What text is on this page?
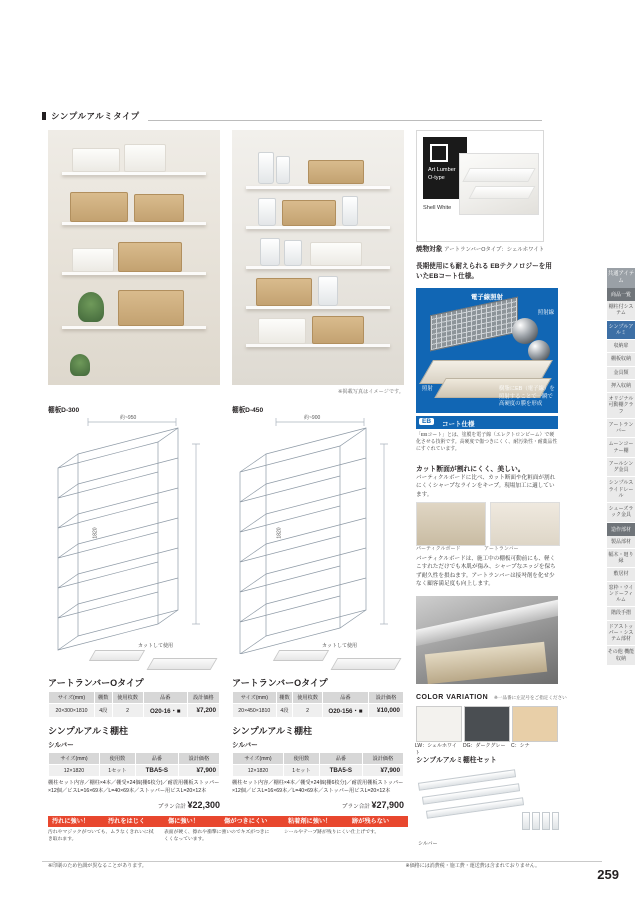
シンプルアルミタイプ
※掲載写真はイメージです。
Art Lumber
O-type
Shell White
焼物対象 アートランバーOタイプ：シェルホワイト
長期使用にも耐えられる EBテクノロジーを用いたEBコート仕様。
電子線照射
照射線
照射	樹脂にEB（電子線）を照射することで一瞬で高硬度の膜を形成
EB	コート仕様
「EBコート」とは、塗膜を電子線（エレクトロンビーム）で硬化させる技術です。高硬度で傷つきにくく、耐汚染性・耐薬品性にすぐれています。
カット断面が割れにくく、美しい。
パーティクルボードに比べ、カット断面や化粧面が割れにくくシャープなラインをキープ。現場加工に適しています。
パーティクルボード	アートランバー
パーティクルボードは、施工中の棚板可動前にも、軽くこすれただけでも木肌が傷み、シャープなエッジを保ちず耐久性を損ねます。アートランバーは接착剤を化せ少なく顧客満足度も向上します。
棚板D-300	棚板D-450
約~950
1820
約~900
1820
カットして使用	カットして使用
アートランバーOタイプ
サイズ(mm)	棚数	使用枚数	品番	設計価格
20×300×1810	4段	2	O20-16・■	¥7,200
シンプルアルミ棚柱
シルバー
サイズ(mm)	使用数	品番	設計価格
12×1820	1セット	TBA5-S	¥7,900
棚柱セット内容／棚柱×4本／棚受×24個(棚6枚分)／耐震用棚板ストッパー×12個／ビスL=16×69本／L=40×69本／ストッパー用ビスL=20×12本
プラン合計 ¥22,300
アートランバーOタイプ
サイズ(mm)	棚数	使用枚数	品番	設計価格
20×450×1810	4段	2	O20-156・■	¥10,000
シンプルアルミ棚柱
シルバー
サイズ(mm)	使用数	品番	設計価格
12×1820	1セット	TBA5-S	¥7,900
棚柱セット内容／棚柱×4本／棚受×24個(棚6枚分)／耐震用棚板ストッパー×12個／ビスL=16×69本／L=40×69本／ストッパー用ビスL=20×12本
プラン合計 ¥27,900
汚れに強い！	汚れをはじく	傷に強い！	傷がつきにくい	粘着剤に強い！	跡が残らない
汚れやマジックがついても、ムラなくきれいに拭き取れます。
表面が硬く、擦れや衝撃に強いのでキズがつきにくくなっています。
シールやテープ跡が残りにくい仕上げです。
COLOR VARIATION ※一品番に左記号をご指定ください
LW：シェルホワイト
DG：ダークグレー	C：シナ
シンプルアルミ棚柱セット
シルバー
共通アイテム
商品一覧
棚柱付システム
シンプルアルミ
収納扉
棚板収納
金具類
押入収納
オリジナル可動棚クラフ
アートランバー
ムーンコーナー棚
アールシング金具
シンプルスライドレール
シューズラック金具
造作部材
製品部材
幅木・廻り縁
敷居材
窓枠・ウインドーフィルム
階段手摺
ドアストッパー・システム部材
その他 機能収納
※印刷のため色調が異なることがあります。	※価格には消費税・施工費・運送費は含まれておりません。
259
